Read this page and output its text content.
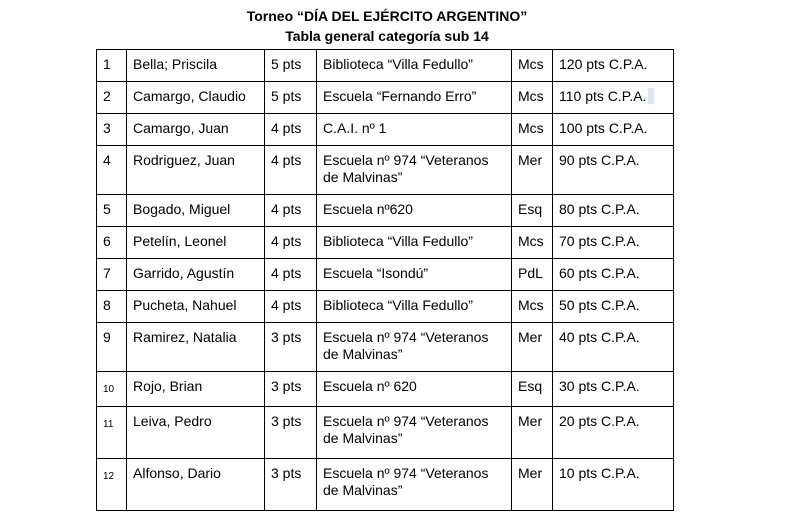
Torneo “DÍA DEL EJÉRCITO ARGENTINO”
Tabla general categoría sub 14
1	Bella; Priscila	5 pts	Biblioteca “Villa Fedullo”	Mcs	120 pts C.P.A.
2	Camargo, Claudio	5 pts	Escuela “Fernando Erro”	Mcs	110 pts C.P.A.
3	Camargo, Juan	4 pts	C.A.I. nº 1	Mcs	100 pts C.P.A.
4	Rodriguez, Juan	4 pts	Escuela nº 974 “Veteranos de Malvinas”	Mer	90 pts C.P.A.
5	Bogado, Miguel	4 pts	Escuela nº620	Esq	80 pts C.P.A.
6	Petelín, Leonel	4 pts	Biblioteca “Villa Fedullo”	Mcs	70 pts C.P.A.
7	Garrido, Agustín	4 pts	Escuela “Isondú”	PdL	60 pts C.P.A.
8	Pucheta, Nahuel	4 pts	Biblioteca “Villa Fedullo”	Mcs	50 pts C.P.A.
9	Ramirez, Natalia	3 pts	Escuela nº 974 “Veteranos de Malvinas”	Mer	40 pts C.P.A.
10	Rojo, Brian	3 pts	Escuela nº 620	Esq	30 pts C.P.A.
11	Leiva, Pedro	3 pts	Escuela nº 974 “Veteranos de Malvinas”	Mer	20 pts C.P.A.
12	Alfonso, Dario	3 pts	Escuela nº 974 “Veteranos de Malvinas”	Mer	10 pts C.P.A.
